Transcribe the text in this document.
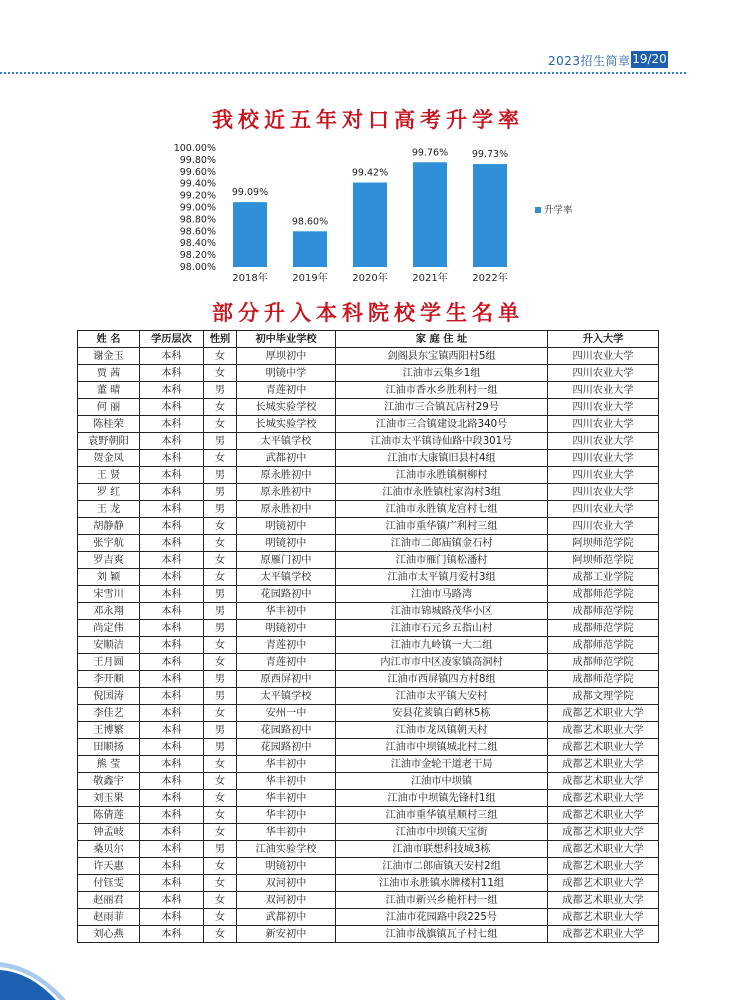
2023招生简章 19/20
我校近五年对口高考升学率
100.00%
99.80%
99.60%
99.40%
99.20%
99.00%
98.80%
98.60%
98.40%
98.20%
98.00%
99.09%
2018年
98.60%
2019年
99.42%
2020年
99.76%
2021年
99.73%
2022年
升学率
部分升入本科院校学生名单
姓 名	学历层次	性别	初中毕业学校	家 庭 住 址	升入大学
谢金玉	本科	女	厚坝初中	剑阁县东宝镇西阳村5组	四川农业大学
贾 茜	本科	女	明镜中学	江油市云集乡1组	四川农业大学
董 晴	本科	男	青莲初中	江油市香水乡胜利村一组	四川农业大学
何 丽	本科	女	长城实验学校	江油市三合镇瓦店村29号	四川农业大学
陈桂荣	本科	女	长城实验学校	江油市三合镇建设北路340号	四川农业大学
袁野朝阳	本科	男	太平镇学校	江油市太平镇诗仙路中段301号	四川农业大学
贺金凤	本科	女	武都初中	江油市大康镇旧县村4组	四川农业大学
王 贤	本科	男	原永胜初中	江油市永胜镇桐柳村	四川农业大学
罗 红	本科	男	原永胜初中	江油市永胜镇杜家沟村3组	四川农业大学
王 龙	本科	男	原永胜初中	江油市永胜镇龙宫村七组	四川农业大学
胡静静	本科	女	明镜初中	江油市重华镇广利村三组	四川农业大学
张宇航	本科	女	明镜初中	江油市二郎庙镇金石村	阿坝师范学院
罗吉爽	本科	女	原雁门初中	江油市雁门镇松潘村	阿坝师范学院
刘 颖	本科	女	太平镇学校	江油市太平镇月爱村3组	成都工业学院
宋雪川	本科	男	花园路初中	江油市马路湾	成都师范学院
邓永翔	本科	男	华丰初中	江油市锦城路茂华小区	成都师范学院
尚定伟	本科	男	明镜初中	江油市石元乡五指山村	成都师范学院
安顺洁	本科	女	青莲初中	江油市九岭镇一大二组	成都师范学院
王月圆	本科	女	青莲初中	内江市市中区凌家镇高洞村	成都师范学院
李开顺	本科	男	原西屏初中	江油市西屏镇四方村8组	成都师范学院
倪国涛	本科	男	太平镇学校	江油市太平镇大安村	成都文理学院
李佳艺	本科	女	安州一中	安县花荄镇白鹤林5栋	成都艺术职业大学
王博繁	本科	男	花园路初中	江油市龙凤镇朝天村	成都艺术职业大学
田顺扬	本科	男	花园路初中	江油市中坝镇城北村二组	成都艺术职业大学
熊 莹	本科	女	华丰初中	江油市金轮干道老干局	成都艺术职业大学
敬鑫宇	本科	女	华丰初中	江油市中坝镇	成都艺术职业大学
刘玉果	本科	女	华丰初中	江油市中坝镇先锋村1组	成都艺术职业大学
陈倩莲	本科	女	华丰初中	江油市重华镇星顺村三组	成都艺术职业大学
钟孟岐	本科	女	华丰初中	江油市中坝镇天宝街	成都艺术职业大学
桑贝尔	本科	男	江油实验学校	江油市联想科技城3栋	成都艺术职业大学
许天惠	本科	女	明镜初中	江油市二郎庙镇天安村2组	成都艺术职业大学
付钰雯	本科	女	双河初中	江油市永胜镇水牌楼村11组	成都艺术职业大学
赵丽君	本科	女	双河初中	江油市新兴乡桅杆村一组	成都艺术职业大学
赵雨菲	本科	女	武都初中	江油市花园路中段225号	成都艺术职业大学
刘心燕	本科	女	新安初中	江油市战旗镇瓦子村七组	成都艺术职业大学
